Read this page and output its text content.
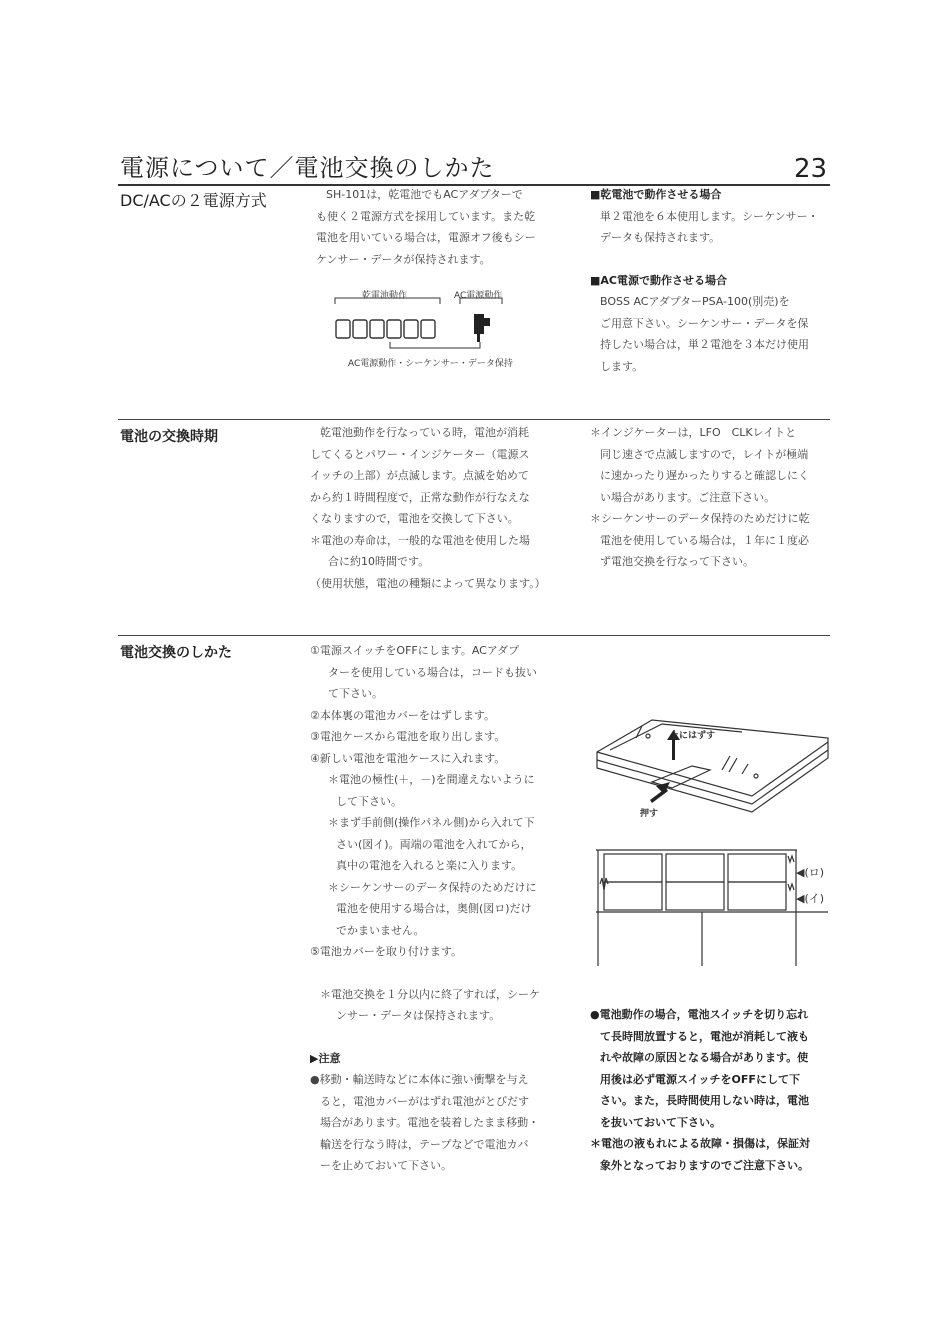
電源について／電池交換のしかた	23
DC/ACの２電源方式	SH-101は，乾電池でもACアダプターで

も使く２電源方式を採用しています。また乾

電池を用いている場合は，電源オフ後もシー

ケンサー・データが保持されます。

乾電池動作	AC電源動作
AC電源動作・シーケンサー・データ保持

■乾電池で動作させる場合

単２電池を６本使用します。シーケンサー・

データも保持されます。

■AC電源で動作させる場合

BOSS ACアダプターPSA-100(別売)を

ご用意下さい。シーケンサー・データを保

持したい場合は，単２電池を３本だけ使用

します。

電池の交換時期	乾電池動作を行なっている時，電池が消耗

してくるとパワー・インジケーター（電源ス

イッチの上部）が点滅します。点滅を始めて

から約１時間程度で，正常な動作が行なえな

くなりますので，電池を交換して下さい。

＊電池の寿命は，一般的な電池を使用した場

合に約10時間です。

（使用状態，電池の種類によって異なります。）

＊インジケーターは，LFO　CLKレイトと

同じ速さで点滅しますので，レイトが極端

に速かったり遅かったりすると確認しにく

い場合があります。ご注意下さい。

＊シーケンサーのデータ保持のためだけに乾

電池を使用している場合は，１年に１度必

ず電池交換を行なって下さい。

電池交換のしかた	①電源スイッチをOFFにします。ACアダプ

ターを使用している場合は，コードも抜い

て下さい。

②本体裏の電池カバーをはずします。

③電池ケースから電池を取り出します。

④新しい電池を電池ケースに入れます。

＊電池の極性(＋，－)を間違えないように

して下さい。

＊まず手前側(操作パネル側)から入れて下

さい(図イ)。両端の電池を入れてから，

真中の電池を入れると楽に入ります。

＊シーケンサーのデータ保持のためだけに

電池を使用する場合は，奥側(図ロ)だけ

でかまいません。

⑤電池カバーを取り付けます。

＊電池交換を１分以内に終了すれば，シーケ

ンサー・データは保持されます。

▶注意

●移動・輸送時などに本体に強い衝撃を与え

ると，電池カバーがはずれ電池がとびだす

場合があります。電池を装着したまま移動・

輸送を行なう時は，テープなどで電池カバ

ーを止めておいて下さい。

上にはずす
押す
◀(ロ)
◀(イ)

●電池動作の場合，電池スイッチを切り忘れ

て長時間放置すると，電池が消耗して液も

れや故障の原因となる場合があります。使

用後は必ず電源スイッチをOFFにして下

さい。また，長時間使用しない時は，電池

を抜いておいて下さい。

＊電池の液もれによる故障・損傷は，保証対

象外となっておりますのでご注意下さい。
